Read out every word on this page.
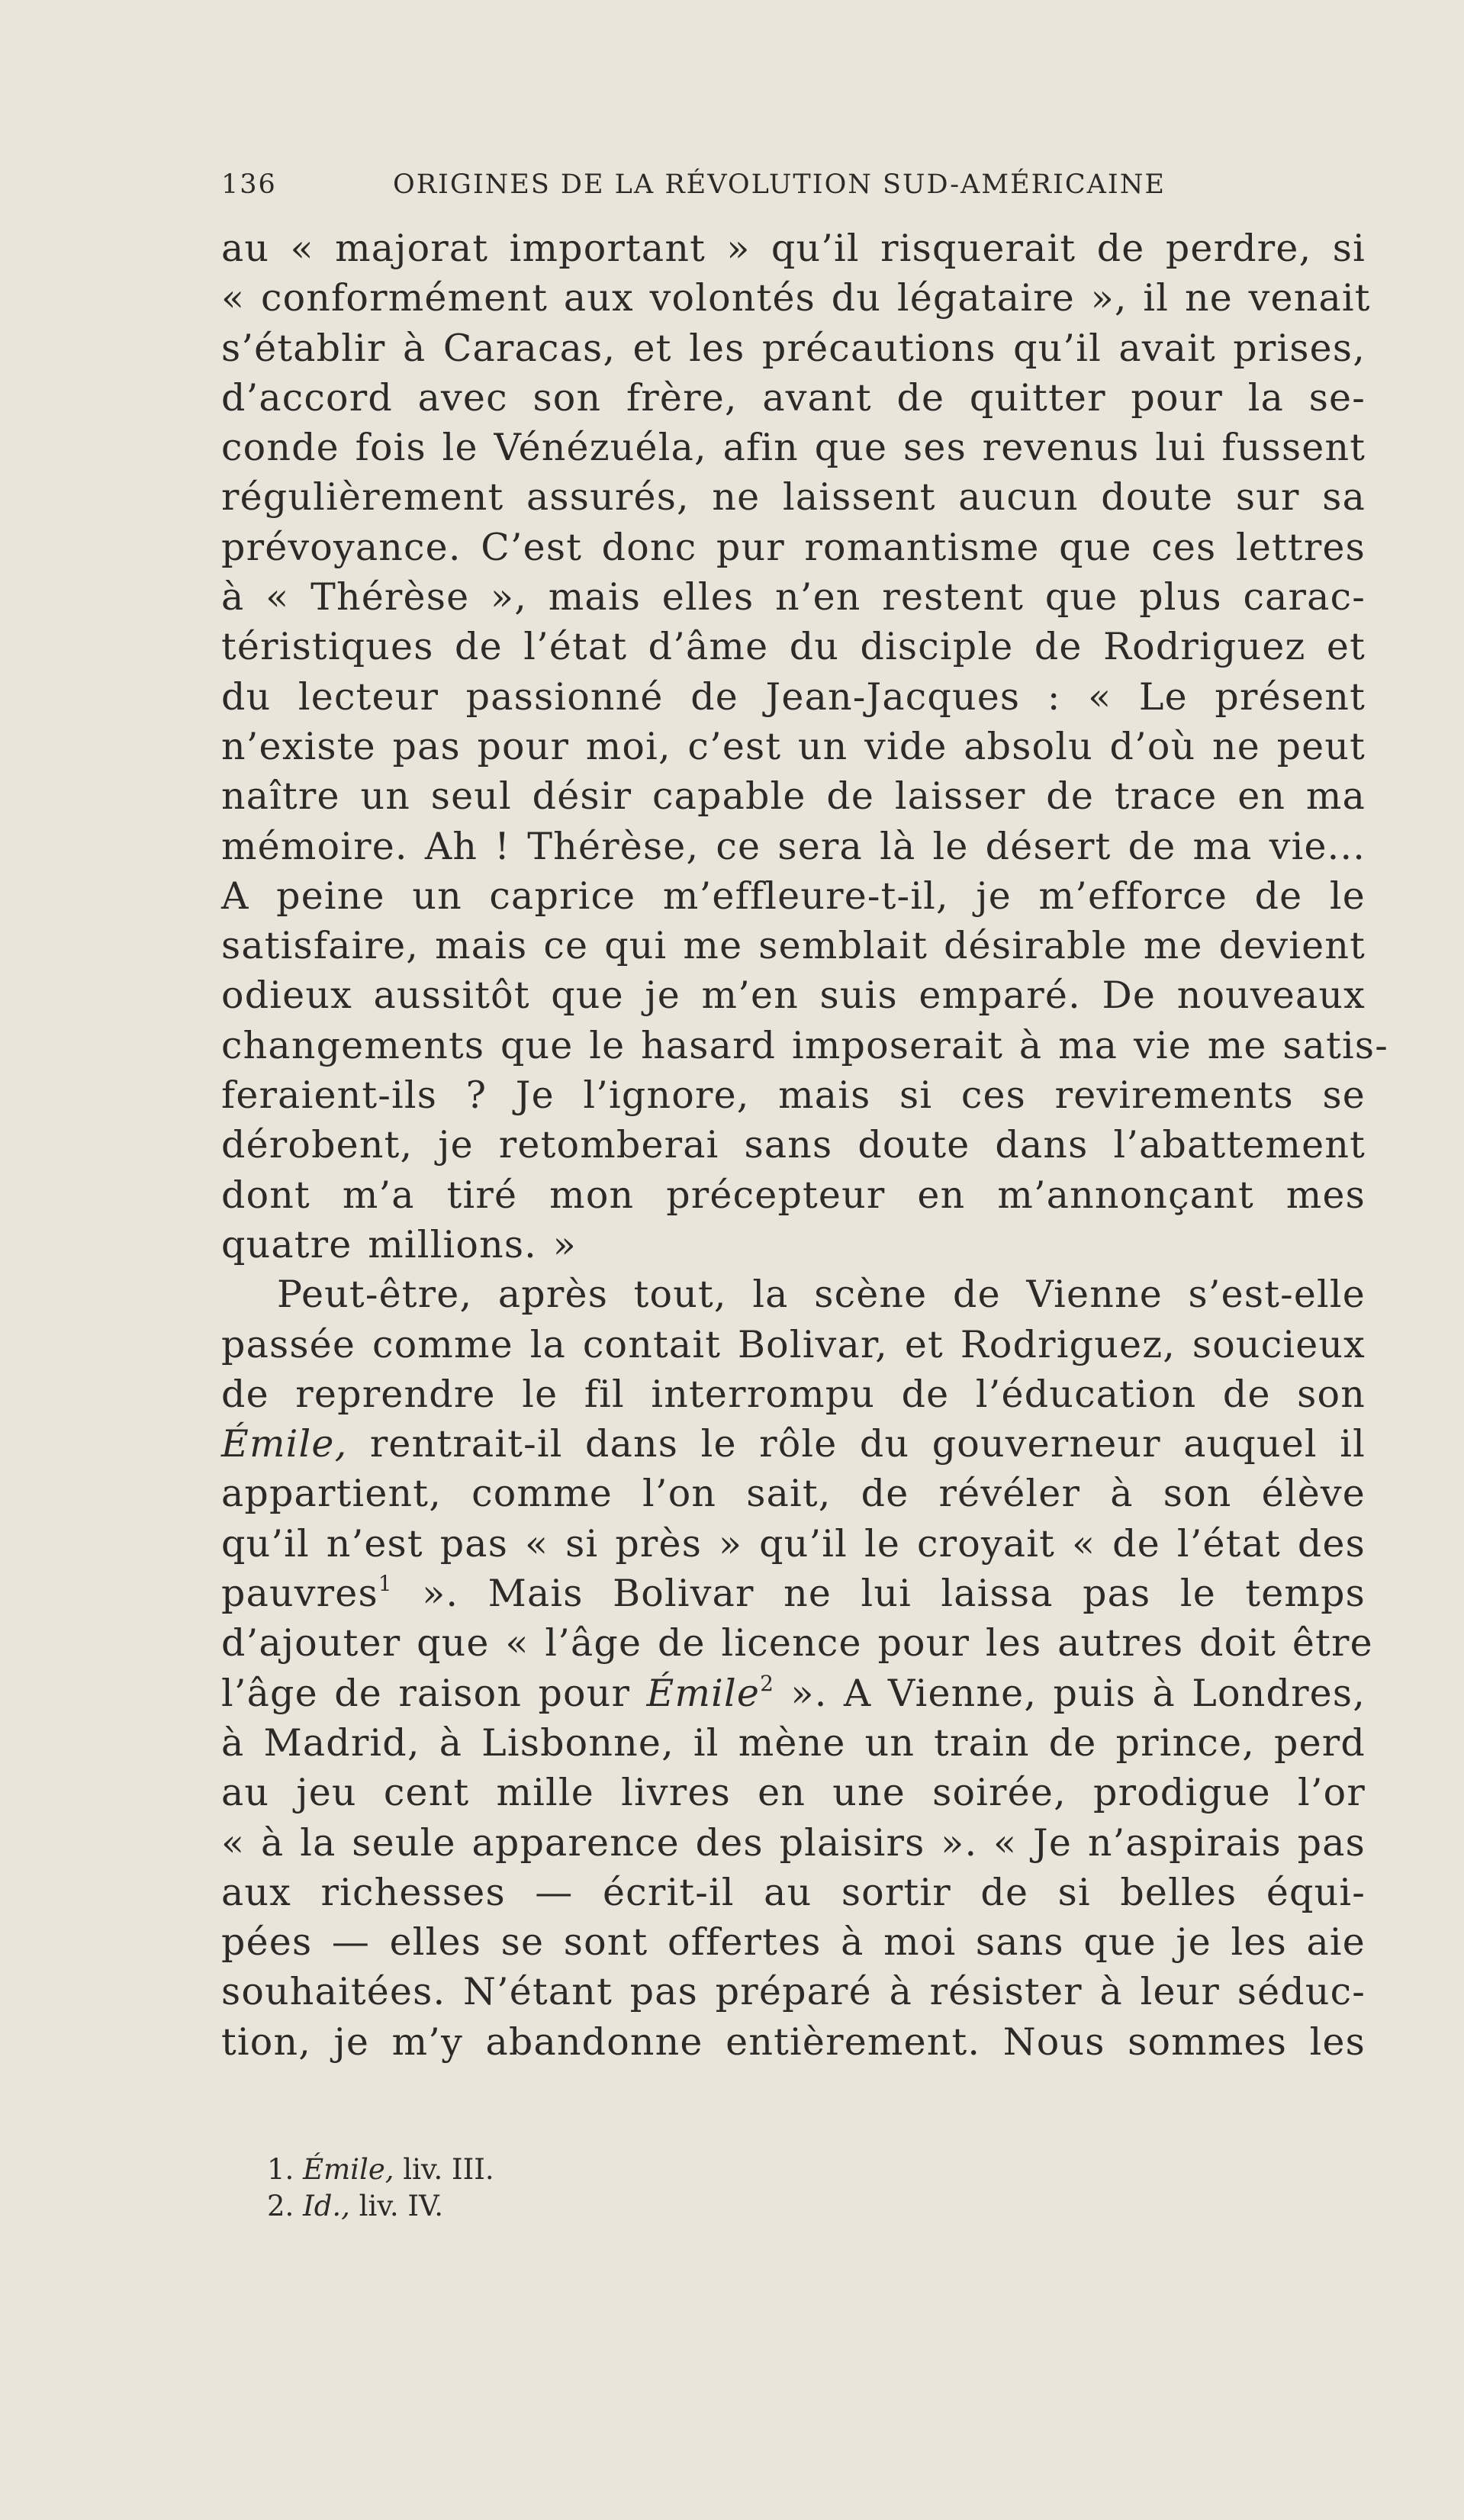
136	ORIGINES DE LA RÉVOLUTION SUD-AMÉRICAINE
au « majorat important » qu’il risquerait de perdre, si
« conformément aux volontés du légataire », il ne venait
s’établir à Caracas, et les précautions qu’il avait prises,
d’accord avec son frère, avant de quitter pour la se-
conde fois le Vénézuéla, afin que ses revenus lui fussent
régulièrement assurés, ne laissent aucun doute sur sa
prévoyance. C’est donc pur romantisme que ces lettres
à « Thérèse », mais elles n’en restent que plus carac-
téristiques de l’état d’âme du disciple de Rodriguez et
du lecteur passionné de Jean-Jacques : « Le présent
n’existe pas pour moi, c’est un vide absolu d’où ne peut
naître un seul désir capable de laisser de trace en ma
mémoire. Ah ! Thérèse, ce sera là le désert de ma vie...
A peine un caprice m’effleure-t-il, je m’efforce de le
satisfaire, mais ce qui me semblait désirable me devient
odieux aussitôt que je m’en suis emparé. De nouveaux
changements que le hasard imposerait à ma vie me satis-
feraient-ils ? Je l’ignore, mais si ces revirements se
dérobent, je retomberai sans doute dans l’abattement
dont m’a tiré mon précepteur en m’annonçant mes
quatre millions. »
Peut-être, après tout, la scène de Vienne s’est-elle
passée comme la contait Bolivar, et Rodriguez, soucieux
de reprendre le fil interrompu de l’éducation de son
Émile, rentrait-il dans le rôle du gouverneur auquel il
appartient, comme l’on sait, de révéler à son élève
qu’il n’est pas « si près » qu’il le croyait « de l’état des
pauvres$^1$ ». Mais Bolivar ne lui laissa pas le temps
d’ajouter que « l’âge de licence pour les autres doit être
l’âge de raison pour Émile$^2$ ». A Vienne, puis à Londres,
à Madrid, à Lisbonne, il mène un train de prince, perd
au jeu cent mille livres en une soirée, prodigue l’or
« à la seule apparence des plaisirs ». « Je n’aspirais pas
aux richesses — écrit-il au sortir de si belles équi-
pées — elles se sont offertes à moi sans que je les aie
souhaitées. N’étant pas préparé à résister à leur séduc-
tion, je m’y abandonne entièrement. Nous sommes les
1. Émile, liv. III.
2. Id., liv. IV.
